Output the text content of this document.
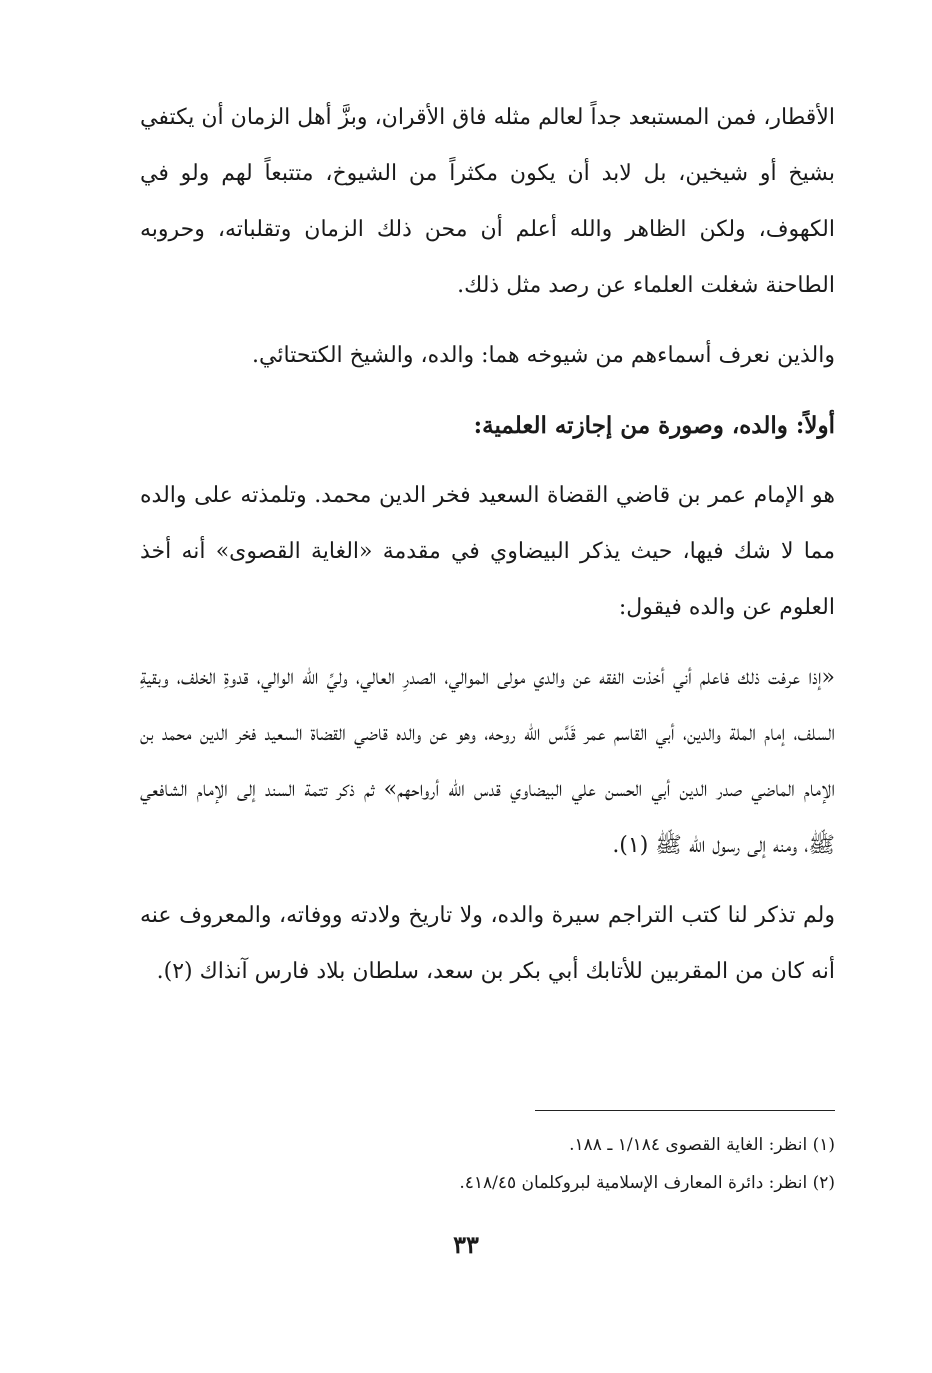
الأقطار، فمن المستبعد جداً لعالم مثله فاق الأقران، وبزَّ أهل الزمان أن يكتفي بشيخ أو شيخين، بل لابد أن يكون مكثراً من الشيوخ، متتبعاً لهم ولو في الكهوف، ولكن الظاهر والله أعلم أن محن ذلك الزمان وتقلباته، وحروبه الطاحنة شغلت العلماء عن رصد مثل ذلك.

والذين نعرف أسماءهم من شيوخه هما: والده، والشيخ الكتحتائي.

أولاً: والده، وصورة من إجازته العلمية:

هو الإمام عمر بن قاضي القضاة السعيد فخر الدين محمد. وتلمذته على والده مما لا شك فيها، حيث يذكر البيضاوي في مقدمة «الغاية القصوى» أنه أخذ العلوم عن والده فيقول:

«إذا عرفت ذلك فاعلم أني أخذت الفقه عن والدي مولى الموالي، الصدرِ العالي، وليِّ الله الوالي، قدوةِ الخلف، وبقيةِ السلف، إمام الملة والدين، أبي القاسم عمر قَدَّس الله روحه، وهو عن والده قاضي القضاة السعيد فخر الدين محمد بن الإمام الماضي صدر الدين أبي الحسن علي البيضاوي قدس الله أرواحهم» ثم ذكر تتمة السند إلى الإمام الشافعي ﷺ، ومنه إلى رسول الله ﷺ (١).

ولم تذكر لنا كتب التراجم سيرة والده، ولا تاريخ ولادته ووفاته، والمعروف عنه أنه كان من المقربين للأتابك أبي بكر بن سعد، سلطان بلاد فارس آنذاك (٢).

(١) انظر: الغاية القصوى ١/١٨٤ ـ ١٨٨.

(٢) انظر: دائرة المعارف الإسلامية لبروكلمان ٤١٨/٤٥.

٣٣
